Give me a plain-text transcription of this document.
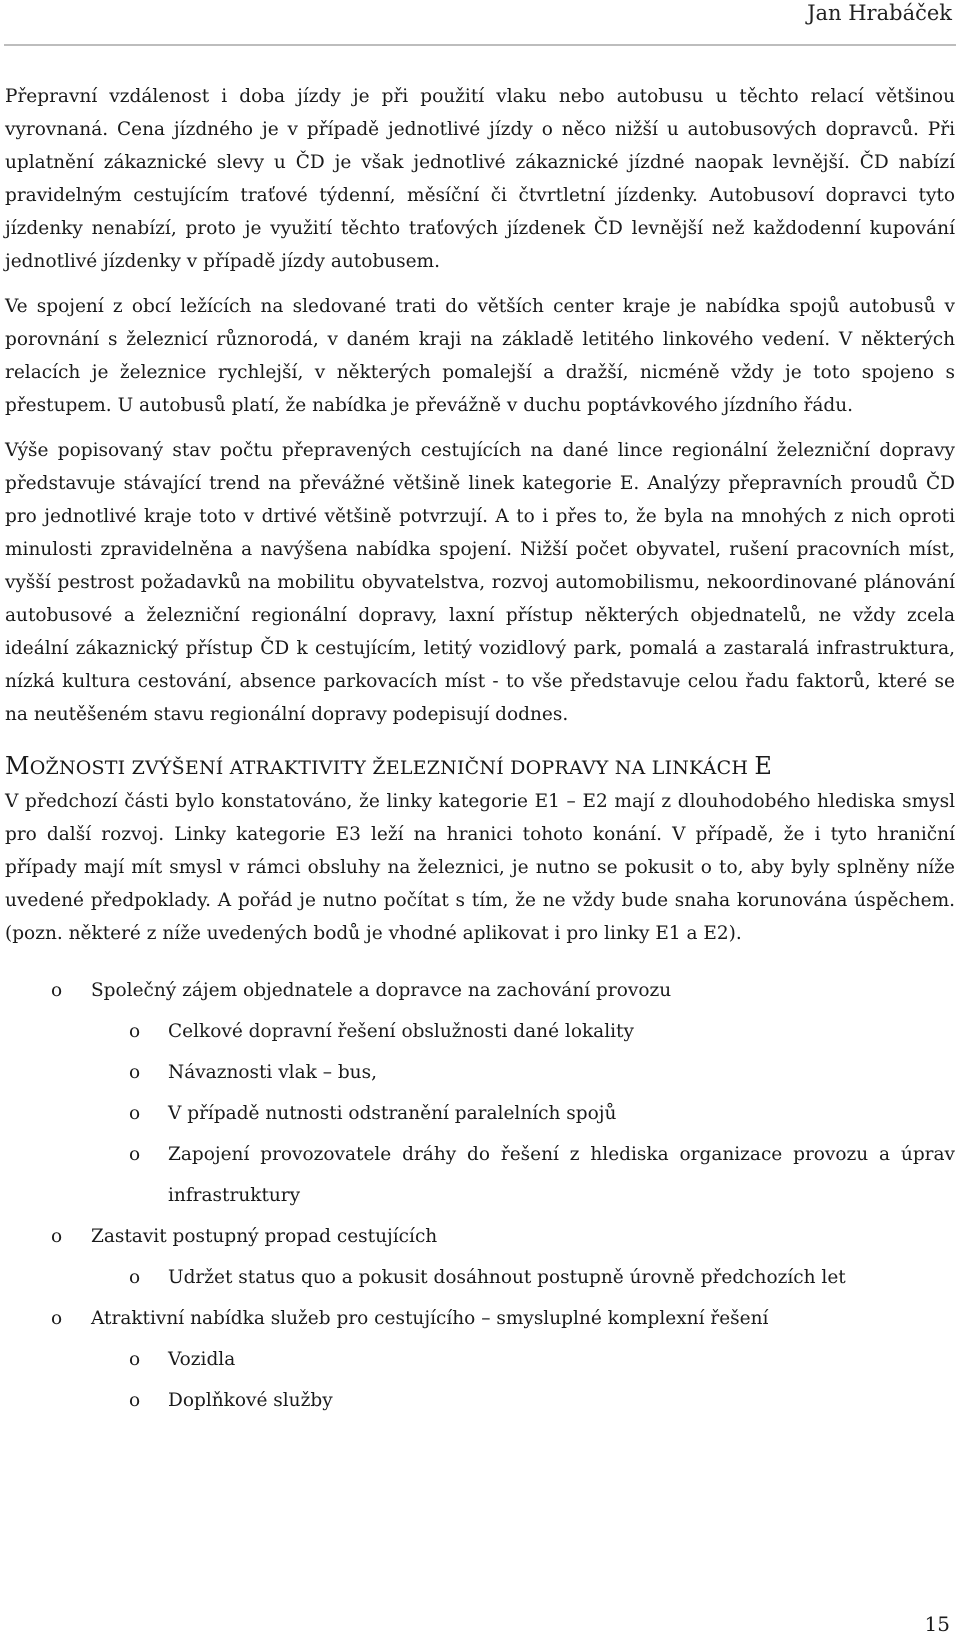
Jan Hrabáček

Přepravní vzdálenost i doba jízdy je při použití vlaku nebo autobusu u těchto relací většinou vyrovnaná. Cena jízdného je v případě jednotlivé jízdy o něco nižší u autobusových dopravců. Při uplatnění zákaznické slevy u ČD je však jednotlivé zákaznické jízdné naopak levnější. ČD nabízí pravidelným cestujícím traťové týdenní, měsíční či čtvrtletní jízdenky. Autobusoví dopravci tyto jízdenky nenabízí, proto je využití těchto traťových jízdenek ČD levnější než každodenní kupování jednotlivé jízdenky v případě jízdy autobusem.

Ve spojení z obcí ležících na sledované trati do větších center kraje je nabídka spojů autobusů v porovnání s železnicí různorodá, v daném kraji na základě letitého linkového vedení. V některých relacích je železnice rychlejší, v některých pomalejší a dražší, nicméně vždy je toto spojeno s přestupem. U autobusů platí, že nabídka je převážně v duchu poptávkového jízdního řádu.

Výše popisovaný stav počtu přepravených cestujících na dané lince regionální železniční dopravy představuje stávající trend na převážné většině linek kategorie E. Analýzy přepravních proudů ČD pro jednotlivé kraje toto v drtivé většině potvrzují. A to i přes to, že byla na mnohých z nich oproti minulosti zpravidelněna a navýšena nabídka spojení. Nižší počet obyvatel, rušení pracovních míst, vyšší pestrost požadavků na mobilitu obyvatelstva, rozvoj automobilismu, nekoordinované plánování autobusové a železniční regionální dopravy, laxní přístup některých objednatelů, ne vždy zcela ideální zákaznický přístup ČD k cestujícím, letitý vozidlový park, pomalá a zastaralá infrastruktura, nízká kultura cestování, absence parkovacích míst - to vše představuje celou řadu faktorů, které se na neutěšeném stavu regionální dopravy podepisují dodnes.

MOŽNOSTI ZVÝŠENÍ ATRAKTIVITY ŽELEZNIČNÍ DOPRAVY NA LINKÁCH E

V předchozí části bylo konstatováno, že linky kategorie E1 – E2 mají z dlouhodobého hlediska smysl pro další rozvoj. Linky kategorie E3 leží na hranici tohoto konání. V případě, že i tyto hraniční případy mají mít smysl v rámci obsluhy na železnici, je nutno se pokusit o to, aby byly splněny níže uvedené předpoklady. A pořád je nutno počítat s tím, že ne vždy bude snaha korunována úspěchem. (pozn. některé z níže uvedených bodů je vhodné aplikovat i pro linky E1 a E2).

o Společný zájem objednatele a dopravce na zachování provozu
o Celkové dopravní řešení obslužnosti dané lokality
o Návaznosti vlak – bus,
o V případě nutnosti odstranění paralelních spojů
o Zapojení provozovatele dráhy do řešení z hlediska organizace provozu a úprav infrastruktury
o Zastavit postupný propad cestujících
o Udržet status quo a pokusit dosáhnout postupně úrovně předchozích let
o Atraktivní nabídka služeb pro cestujícího – smysluplné komplexní řešení
o Vozidla
o Doplňkové služby
15
